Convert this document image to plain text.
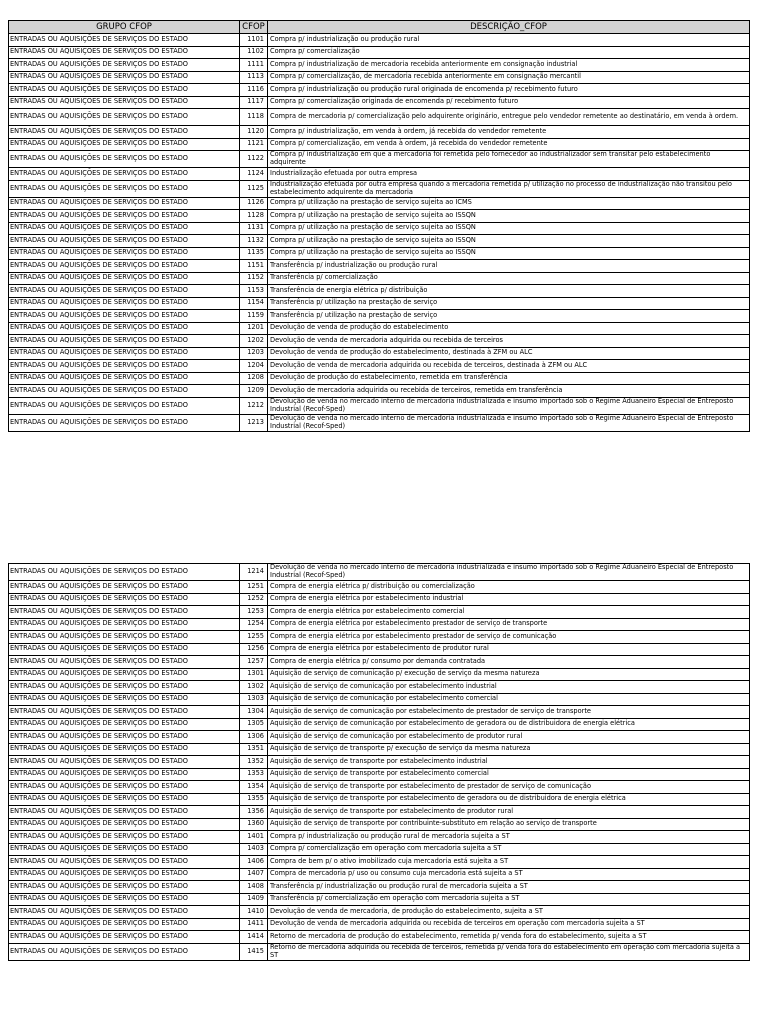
GRUPO CFOP	CFOP	DESCRIÇÃO_CFOP
ENTRADAS OU AQUISIÇÕES DE SERVIÇOS DO ESTADO	1101	Compra p/ industrialização ou produção rural
ENTRADAS OU AQUISIÇÕES DE SERVIÇOS DO ESTADO	1102	Compra p/ comercialização
ENTRADAS OU AQUISIÇÕES DE SERVIÇOS DO ESTADO	1111	Compra p/ industrialização de mercadoria recebida anteriormente em consignação industrial
ENTRADAS OU AQUISIÇÕES DE SERVIÇOS DO ESTADO	1113	Compra p/ comercialização, de mercadoria recebida anteriormente em consignação mercantil
ENTRADAS OU AQUISIÇÕES DE SERVIÇOS DO ESTADO	1116	Compra p/ industrialização ou produção rural originada de encomenda p/ recebimento futuro
ENTRADAS OU AQUISIÇÕES DE SERVIÇOS DO ESTADO	1117	Compra p/ comercialização originada de encomenda p/ recebimento futuro
ENTRADAS OU AQUISIÇÕES DE SERVIÇOS DO ESTADO	1118	Compra de mercadoria p/ comercialização pelo adquirente originário, entregue pelo vendedor remetente ao destinatário, em venda à ordem.
ENTRADAS OU AQUISIÇÕES DE SERVIÇOS DO ESTADO	1120	Compra p/ industrialização, em venda à ordem, já recebida do vendedor remetente
ENTRADAS OU AQUISIÇÕES DE SERVIÇOS DO ESTADO	1121	Compra p/ comercialização, em venda à ordem, já recebida do vendedor remetente
ENTRADAS OU AQUISIÇÕES DE SERVIÇOS DO ESTADO	1122	Compra p/ industrialização em que a mercadoria foi remetida pelo fornecedor ao industrializador sem transitar pelo estabelecimento adquirente
ENTRADAS OU AQUISIÇÕES DE SERVIÇOS DO ESTADO	1124	Industrialização efetuada por outra empresa
ENTRADAS OU AQUISIÇÕES DE SERVIÇOS DO ESTADO	1125	Industrialização efetuada por outra empresa quando a mercadoria remetida p/ utilização no processo de industrialização não transitou pelo estabelecimento adquirente da mercadoria
ENTRADAS OU AQUISIÇÕES DE SERVIÇOS DO ESTADO	1126	Compra p/ utilização na prestação de serviço sujeita ao ICMS
ENTRADAS OU AQUISIÇÕES DE SERVIÇOS DO ESTADO	1128	Compra p/ utilização na prestação de serviço sujeita ao ISSQN
ENTRADAS OU AQUISIÇÕES DE SERVIÇOS DO ESTADO	1131	Compra p/ utilização na prestação de serviço sujeita ao ISSQN
ENTRADAS OU AQUISIÇÕES DE SERVIÇOS DO ESTADO	1132	Compra p/ utilização na prestação de serviço sujeita ao ISSQN
ENTRADAS OU AQUISIÇÕES DE SERVIÇOS DO ESTADO	1135	Compra p/ utilização na prestação de serviço sujeita ao ISSQN
ENTRADAS OU AQUISIÇÕES DE SERVIÇOS DO ESTADO	1151	Transferência p/ industrialização ou produção rural
ENTRADAS OU AQUISIÇÕES DE SERVIÇOS DO ESTADO	1152	Transferência p/ comercialização
ENTRADAS OU AQUISIÇÕES DE SERVIÇOS DO ESTADO	1153	Transferência de energia elétrica p/ distribuição
ENTRADAS OU AQUISIÇÕES DE SERVIÇOS DO ESTADO	1154	Transferência p/ utilização na prestação de serviço
ENTRADAS OU AQUISIÇÕES DE SERVIÇOS DO ESTADO	1159	Transferência p/ utilização na prestação de serviço
ENTRADAS OU AQUISIÇÕES DE SERVIÇOS DO ESTADO	1201	Devolução de venda de produção do estabelecimento
ENTRADAS OU AQUISIÇÕES DE SERVIÇOS DO ESTADO	1202	Devolução de venda de mercadoria adquirida ou recebida de terceiros
ENTRADAS OU AQUISIÇÕES DE SERVIÇOS DO ESTADO	1203	Devolução de venda de produção do estabelecimento, destinada à ZFM ou ALC
ENTRADAS OU AQUISIÇÕES DE SERVIÇOS DO ESTADO	1204	Devolução de venda de mercadoria adquirida ou recebida de terceiros, destinada à ZFM ou ALC
ENTRADAS OU AQUISIÇÕES DE SERVIÇOS DO ESTADO	1208	Devolução de produção do estabelecimento, remetida em transferência
ENTRADAS OU AQUISIÇÕES DE SERVIÇOS DO ESTADO	1209	Devolução de mercadoria adquirida ou recebida de terceiros, remetida em transferência
ENTRADAS OU AQUISIÇÕES DE SERVIÇOS DO ESTADO	1212	Devolução de venda no mercado interno de mercadoria industrializada e insumo importado sob o Regime Aduaneiro Especial de Entreposto Industrial (Recof-Sped)
ENTRADAS OU AQUISIÇÕES DE SERVIÇOS DO ESTADO	1213	Devolução de venda no mercado interno de mercadoria industrializada e insumo importado sob o Regime Aduaneiro Especial de Entreposto Industrial (Recof-Sped)
ENTRADAS OU AQUISIÇÕES DE SERVIÇOS DO ESTADO	1214	Devolução de venda no mercado interno de mercadoria industrializada e insumo importado sob o Regime Aduaneiro Especial de Entreposto Industrial (Recof-Sped)
ENTRADAS OU AQUISIÇÕES DE SERVIÇOS DO ESTADO	1251	Compra de energia elétrica p/ distribuição ou comercialização
ENTRADAS OU AQUISIÇÕES DE SERVIÇOS DO ESTADO	1252	Compra de energia elétrica por estabelecimento industrial
ENTRADAS OU AQUISIÇÕES DE SERVIÇOS DO ESTADO	1253	Compra de energia elétrica por estabelecimento comercial
ENTRADAS OU AQUISIÇÕES DE SERVIÇOS DO ESTADO	1254	Compra de energia elétrica por estabelecimento prestador de serviço de transporte
ENTRADAS OU AQUISIÇÕES DE SERVIÇOS DO ESTADO	1255	Compra de energia elétrica por estabelecimento prestador de serviço de comunicação
ENTRADAS OU AQUISIÇÕES DE SERVIÇOS DO ESTADO	1256	Compra de energia elétrica por estabelecimento de produtor rural
ENTRADAS OU AQUISIÇÕES DE SERVIÇOS DO ESTADO	1257	Compra de energia elétrica p/ consumo por demanda contratada
ENTRADAS OU AQUISIÇÕES DE SERVIÇOS DO ESTADO	1301	Aquisição de serviço de comunicação p/ execução de serviço da mesma natureza
ENTRADAS OU AQUISIÇÕES DE SERVIÇOS DO ESTADO	1302	Aquisição de serviço de comunicação por estabelecimento industrial
ENTRADAS OU AQUISIÇÕES DE SERVIÇOS DO ESTADO	1303	Aquisição de serviço de comunicação por estabelecimento comercial
ENTRADAS OU AQUISIÇÕES DE SERVIÇOS DO ESTADO	1304	Aquisição de serviço de comunicação por estabelecimento de prestador de serviço de transporte
ENTRADAS OU AQUISIÇÕES DE SERVIÇOS DO ESTADO	1305	Aquisição de serviço de comunicação por estabelecimento de geradora ou de distribuidora de energia elétrica
ENTRADAS OU AQUISIÇÕES DE SERVIÇOS DO ESTADO	1306	Aquisição de serviço de comunicação por estabelecimento de produtor rural
ENTRADAS OU AQUISIÇÕES DE SERVIÇOS DO ESTADO	1351	Aquisição de serviço de transporte p/ execução de serviço da mesma natureza
ENTRADAS OU AQUISIÇÕES DE SERVIÇOS DO ESTADO	1352	Aquisição de serviço de transporte por estabelecimento industrial
ENTRADAS OU AQUISIÇÕES DE SERVIÇOS DO ESTADO	1353	Aquisição de serviço de transporte por estabelecimento comercial
ENTRADAS OU AQUISIÇÕES DE SERVIÇOS DO ESTADO	1354	Aquisição de serviço de transporte por estabelecimento de prestador de serviço de comunicação
ENTRADAS OU AQUISIÇÕES DE SERVIÇOS DO ESTADO	1355	Aquisição de serviço de transporte por estabelecimento de geradora ou de distribuidora de energia elétrica
ENTRADAS OU AQUISIÇÕES DE SERVIÇOS DO ESTADO	1356	Aquisição de serviço de transporte por estabelecimento de produtor rural
ENTRADAS OU AQUISIÇÕES DE SERVIÇOS DO ESTADO	1360	Aquisição de serviço de transporte por contribuinte-substituto em relação ao serviço de transporte
ENTRADAS OU AQUISIÇÕES DE SERVIÇOS DO ESTADO	1401	Compra p/ industrialização ou produção rural de mercadoria sujeita a ST
ENTRADAS OU AQUISIÇÕES DE SERVIÇOS DO ESTADO	1403	Compra p/ comercialização em operação com mercadoria sujeita a ST
ENTRADAS OU AQUISIÇÕES DE SERVIÇOS DO ESTADO	1406	Compra de bem p/ o ativo imobilizado cuja mercadoria está sujeita a ST
ENTRADAS OU AQUISIÇÕES DE SERVIÇOS DO ESTADO	1407	Compra de mercadoria p/ uso ou consumo cuja mercadoria está sujeita a ST
ENTRADAS OU AQUISIÇÕES DE SERVIÇOS DO ESTADO	1408	Transferência p/ industrialização ou produção rural de mercadoria sujeita a ST
ENTRADAS OU AQUISIÇÕES DE SERVIÇOS DO ESTADO	1409	Transferência p/ comercialização em operação com mercadoria sujeita a ST
ENTRADAS OU AQUISIÇÕES DE SERVIÇOS DO ESTADO	1410	Devolução de venda de mercadoria, de produção do estabelecimento, sujeita a ST
ENTRADAS OU AQUISIÇÕES DE SERVIÇOS DO ESTADO	1411	Devolução de venda de mercadoria adquirida ou recebida de terceiros em operação com mercadoria sujeita a ST
ENTRADAS OU AQUISIÇÕES DE SERVIÇOS DO ESTADO	1414	Retorno de mercadoria de produção do estabelecimento, remetida p/ venda fora do estabelecimento, sujeita a ST
ENTRADAS OU AQUISIÇÕES DE SERVIÇOS DO ESTADO	1415	Retorno de mercadoria adquirida ou recebida de terceiros, remetida p/ venda fora do estabelecimento em operação com mercadoria sujeita a ST
